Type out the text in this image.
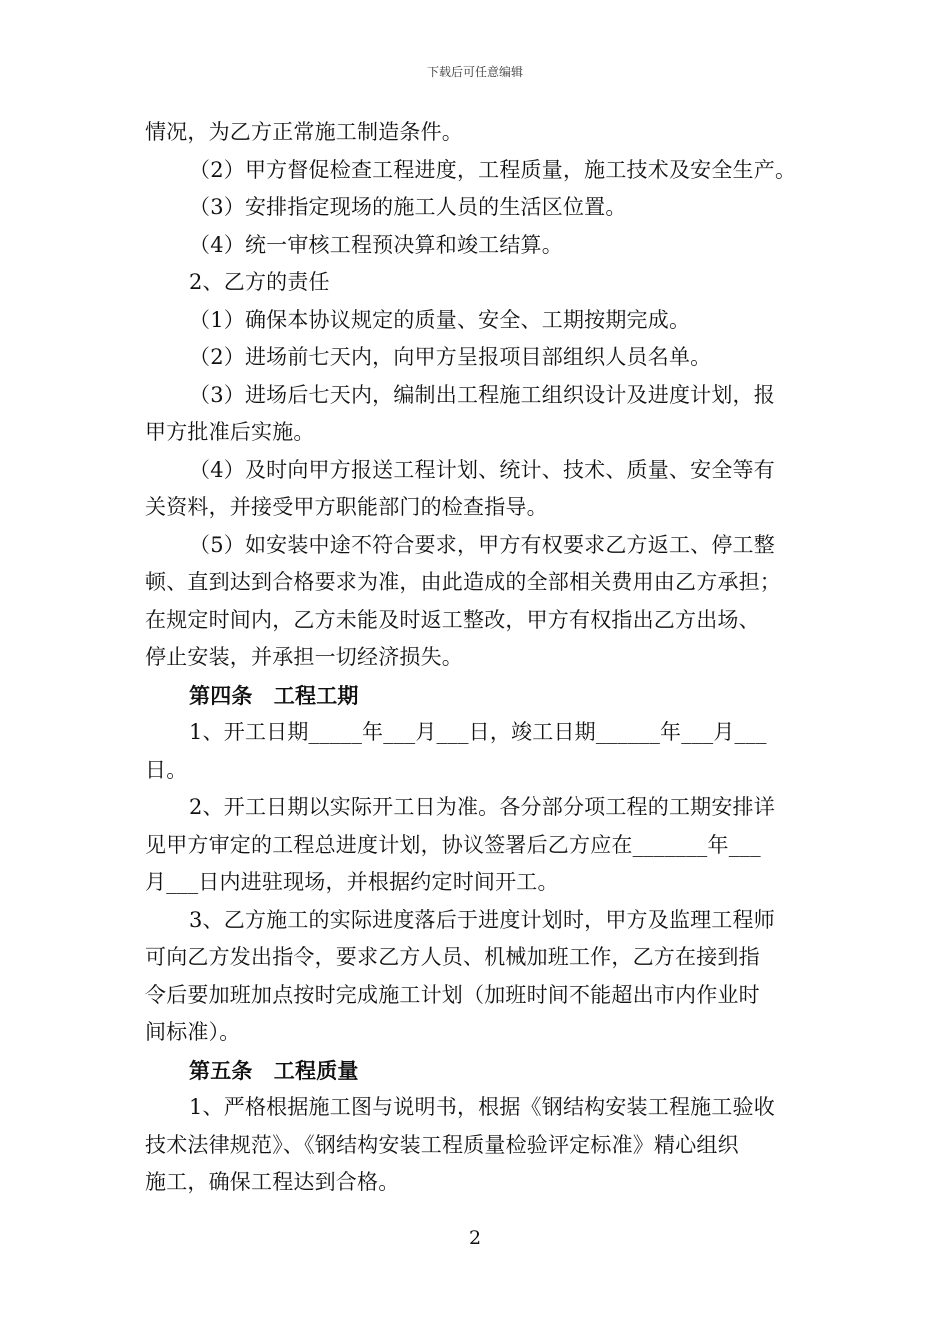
下载后可任意编辑
情况，为乙方正常施工制造条件。
（2）甲方督促检查工程进度，工程质量，施工技术及安全生产。
（3）安排指定现场的施工人员的生活区位置。
（4）统一审核工程预决算和竣工结算。
2、乙方的责任
（1）确保本协议规定的质量、安全、工期按期完成。
（2）进场前七天内，向甲方呈报项目部组织人员名单。
（3）进场后七天内，编制出工程施工组织设计及进度计划，报
甲方批准后实施。
（4）及时向甲方报送工程计划、统计、技术、质量、安全等有
关资料，并接受甲方职能部门的检查指导。
（5）如安装中途不符合要求，甲方有权要求乙方返工、停工整
顿、直到达到合格要求为准，由此造成的全部相关费用由乙方承担；
在规定时间内，乙方未能及时返工整改，甲方有权指出乙方出场、
停止安装，并承担一切经济损失。
第四条　工程工期
1、开工日期_____年___月___日，竣工日期______年___月___
日。
2、开工日期以实际开工日为准。各分部分项工程的工期安排详
见甲方审定的工程总进度计划，协议签署后乙方应在_______年___
月___日内进驻现场，并根据约定时间开工。
3、乙方施工的实际进度落后于进度计划时，甲方及监理工程师
可向乙方发出指令，要求乙方人员、机械加班工作，乙方在接到指
令后要加班加点按时完成施工计划（加班时间不能超出市内作业时
间标准）。
第五条　工程质量
1、严格根据施工图与说明书，根据《钢结构安装工程施工验收
技术法律规范》、《钢结构安装工程质量检验评定标准》精心组织
施工，确保工程达到合格。
2
